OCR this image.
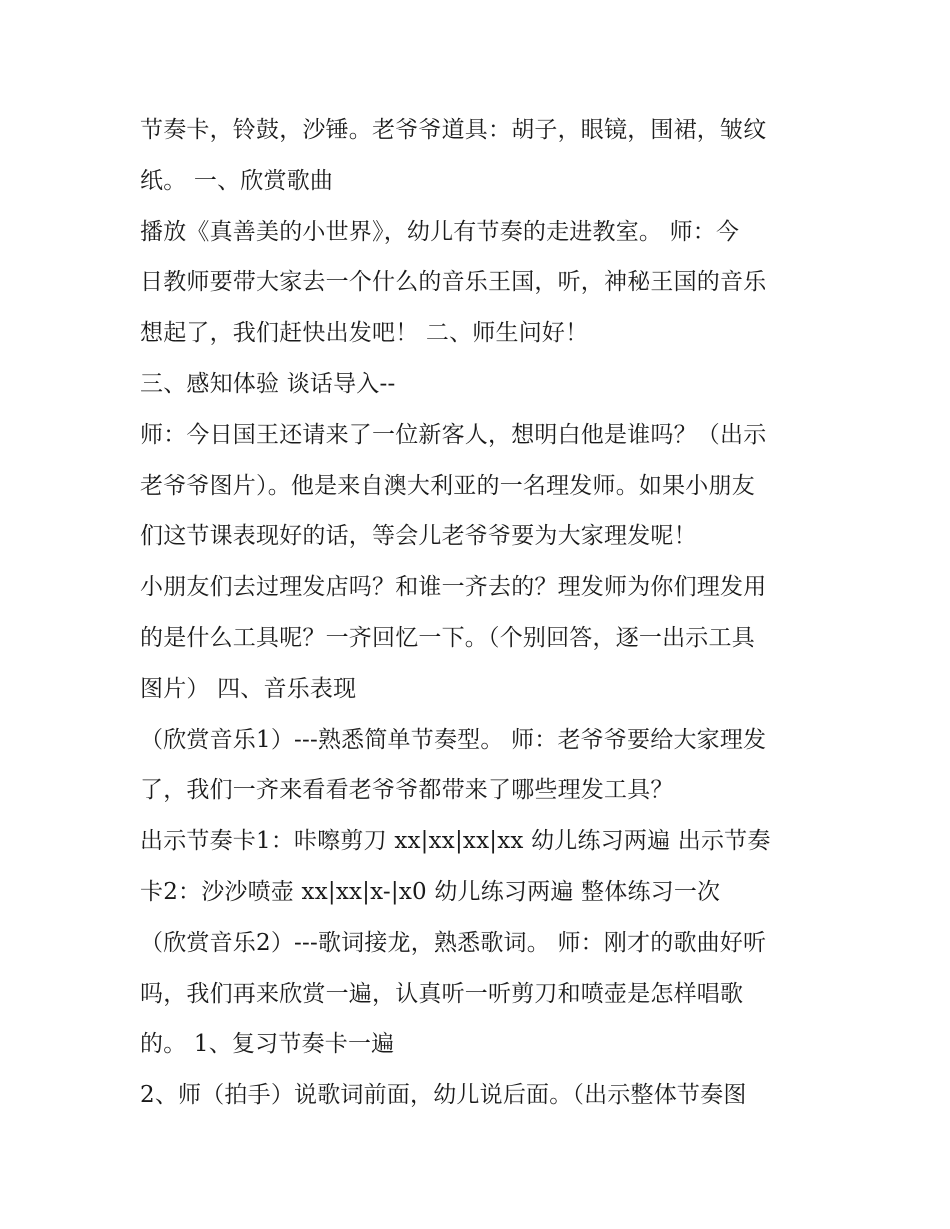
节奏卡，铃鼓，沙锤。老爷爷道具：胡子，眼镜，围裙，皱纹
纸。 一、欣赏歌曲
播放《真善美的小世界》，幼儿有节奏的走进教室。 师：今
日教师要带大家去一个什么的音乐王国，听，神秘王国的音乐
想起了，我们赶快出发吧！ 二、师生问好！
三、感知体验 谈话导入--
师：今日国王还请来了一位新客人，想明白他是谁吗？（出示
老爷爷图片）。他是来自澳大利亚的一名理发师。如果小朋友
们这节课表现好的话，等会儿老爷爷要为大家理发呢！
小朋友们去过理发店吗？和谁一齐去的？理发师为你们理发用
的是什么工具呢？一齐回忆一下。（个别回答，逐一出示工具
图片） 四、音乐表现
（欣赏音乐1）---熟悉简单节奏型。 师：老爷爷要给大家理发
了，我们一齐来看看老爷爷都带来了哪些理发工具？
出示节奏卡1：咔嚓剪刀 xx|xx|xx|xx 幼儿练习两遍 出示节奏
卡2：沙沙喷壶 xx|xx|x-|x0 幼儿练习两遍 整体练习一次
（欣赏音乐2）---歌词接龙，熟悉歌词。 师：刚才的歌曲好听
吗，我们再来欣赏一遍，认真听一听剪刀和喷壶是怎样唱歌
的。 1、复习节奏卡一遍
2、师（拍手）说歌词前面，幼儿说后面。（出示整体节奏图
